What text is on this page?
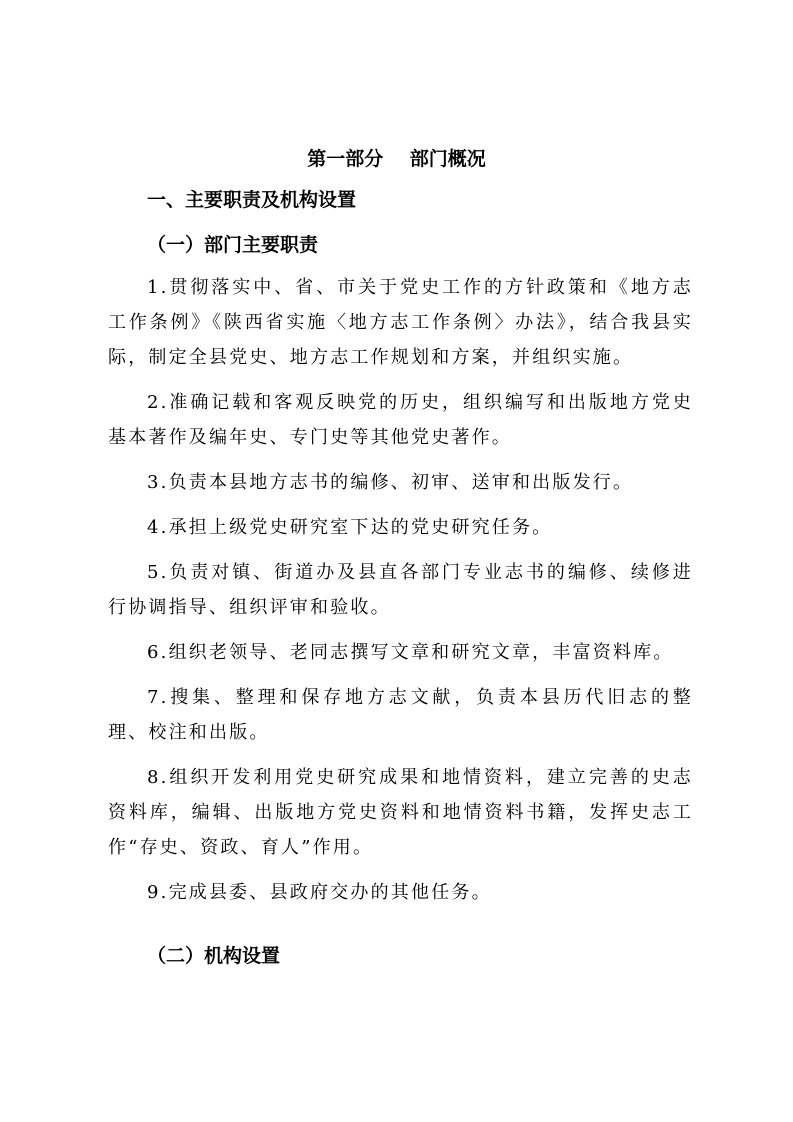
第一部分    部门概况
一、主要职责及机构设置
（一）部门主要职责

1.贯彻落实中、省、市关于党史工作的方针政策和《地方志工作条例》《陕西省实施〈地方志工作条例〉办法》，结合我县实际，制定全县党史、地方志工作规划和方案，并组织实施。

2.准确记载和客观反映党的历史，组织编写和出版地方党史基本著作及编年史、专门史等其他党史著作。

3.负责本县地方志书的编修、初审、送审和出版发行。

4.承担上级党史研究室下达的党史研究任务。

5.负责对镇、街道办及县直各部门专业志书的编修、续修进行协调指导、组织评审和验收。

6.组织老领导、老同志撰写文章和研究文章，丰富资料库。

7.搜集、整理和保存地方志文献，负责本县历代旧志的整理、校注和出版。

8.组织开发利用党史研究成果和地情资料，建立完善的史志资料库，编辑、出版地方党史资料和地情资料书籍，发挥史志工作“存史、资政、育人”作用。

9.完成县委、县政府交办的其他任务。

（二）机构设置
